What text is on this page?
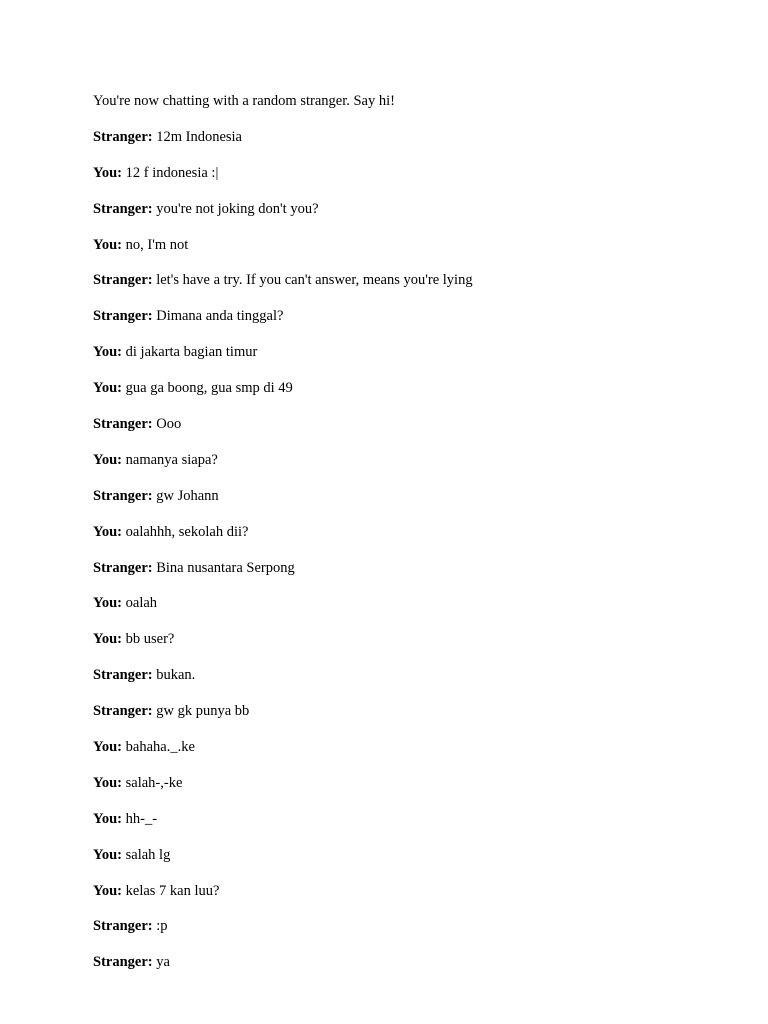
You're now chatting with a random stranger. Say hi!
Stranger: 12m Indonesia
You: 12 f indonesia :|
Stranger: you're not joking don't you?
You: no, I'm not
Stranger: let's have a try. If you can't answer, means you're lying
Stranger: Dimana anda tinggal?
You: di jakarta bagian timur
You: gua ga boong, gua smp di 49
Stranger: Ooo
You: namanya siapa?
Stranger: gw Johann
You: oalahhh, sekolah dii?
Stranger: Bina nusantara Serpong
You: oalah
You: bb user?
Stranger: bukan.
Stranger: gw gk punya bb
You: bahaha._.ke
You: salah-,-ke
You: hh-_-
You: salah lg
You: kelas 7 kan luu?
Stranger: :p
Stranger: ya
